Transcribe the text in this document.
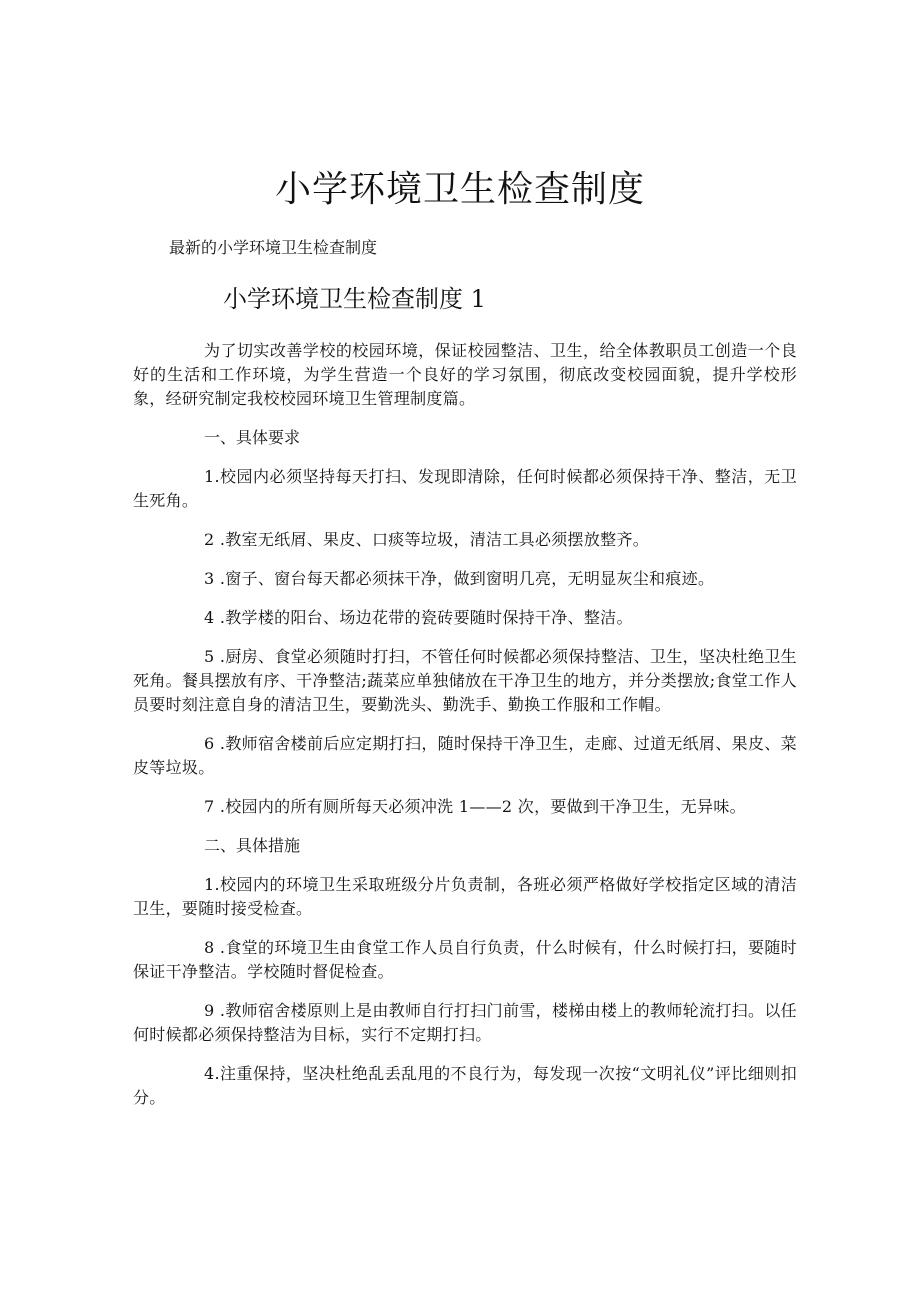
小学环境卫生检查制度
最新的小学环境卫生检查制度
小学环境卫生检查制度 1

为了切实改善学校的校园环境，保证校园整洁、卫生，给全体教职员工创造一个良好的生活和工作环境，为学生营造一个良好的学习氛围，彻底改变校园面貌，提升学校形象，经研究制定我校校园环境卫生管理制度篇。

一、具体要求

1.校园内必须坚持每天打扫、发现即清除，任何时候都必须保持干净、整洁，无卫生死角。

2 .教室无纸屑、果皮、口痰等垃圾，清洁工具必须摆放整齐。

3 .窗子、窗台每天都必须抹干净，做到窗明几亮，无明显灰尘和痕迹。

4 .教学楼的阳台、场边花带的瓷砖要随时保持干净、整洁。

5 .厨房、食堂必须随时打扫，不管任何时候都必须保持整洁、卫生，坚决杜绝卫生死角。餐具摆放有序、干净整洁;蔬菜应单独储放在干净卫生的地方，并分类摆放;食堂工作人员要时刻注意自身的清洁卫生，要勤洗头、勤洗手、勤换工作服和工作帽。

6 .教师宿舍楼前后应定期打扫，随时保持干净卫生，走廊、过道无纸屑、果皮、菜皮等垃圾。

7 .校园内的所有厕所每天必须冲洗 1——2 次，要做到干净卫生，无异味。

二、具体措施

1.校园内的环境卫生采取班级分片负责制，各班必须严格做好学校指定区域的清洁卫生，要随时接受检查。

8 .食堂的环境卫生由食堂工作人员自行负责，什么时候有，什么时候打扫，要随时保证干净整洁。学校随时督促检查。

9 .教师宿舍楼原则上是由教师自行打扫门前雪，楼梯由楼上的教师轮流打扫。以任何时候都必须保持整洁为目标，实行不定期打扫。

4.注重保持，坚决杜绝乱丢乱甩的不良行为，每发现一次按“文明礼仪”评比细则扣分。
